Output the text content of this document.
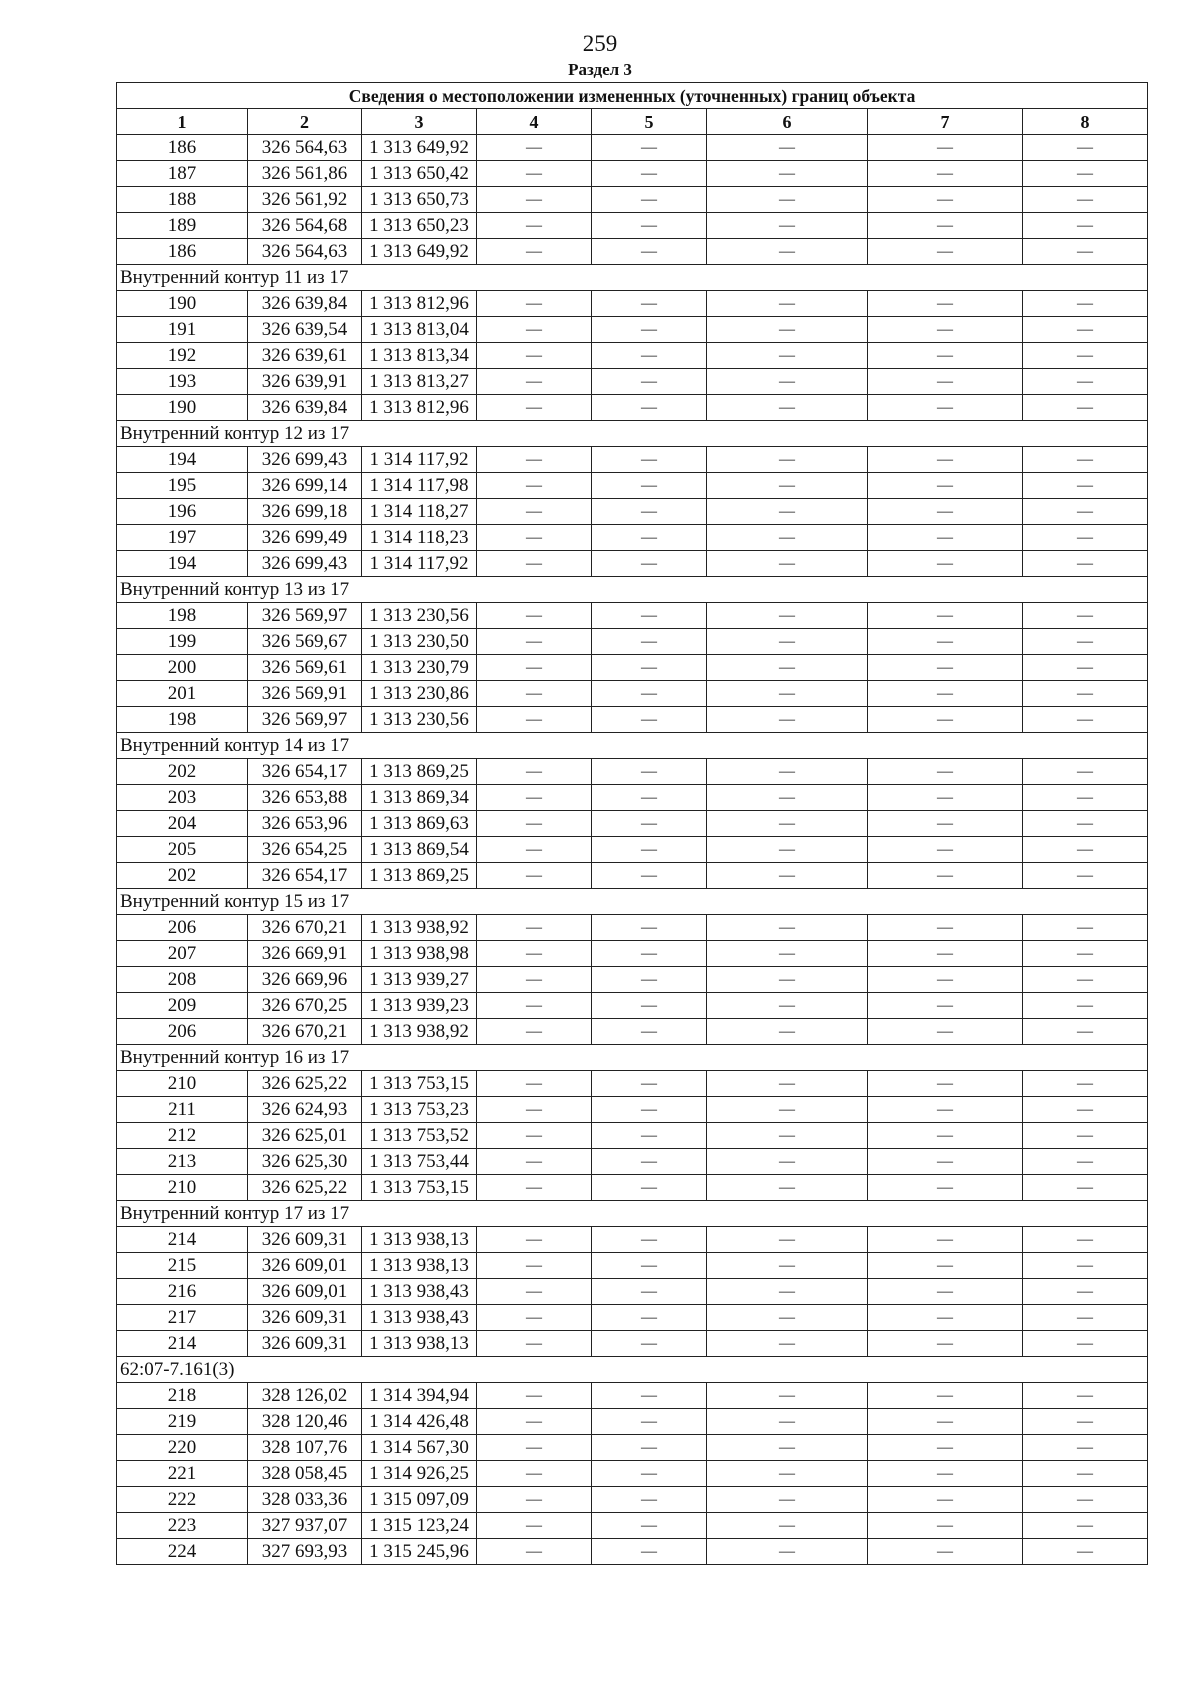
259
Раздел 3
Сведения о местоположении измененных (уточненных) границ объекта							
1	2	3	4	5	6	7	8
186	326 564,63	1 313 649,92	—	—	—	—	—
187	326 561,86	1 313 650,42	—	—	—	—	—
188	326 561,92	1 313 650,73	—	—	—	—	—
189	326 564,68	1 313 650,23	—	—	—	—	—
186	326 564,63	1 313 649,92	—	—	—	—	—
Внутренний контур 11 из 17							
190	326 639,84	1 313 812,96	—	—	—	—	—
191	326 639,54	1 313 813,04	—	—	—	—	—
192	326 639,61	1 313 813,34	—	—	—	—	—
193	326 639,91	1 313 813,27	—	—	—	—	—
190	326 639,84	1 313 812,96	—	—	—	—	—
Внутренний контур 12 из 17							
194	326 699,43	1 314 117,92	—	—	—	—	—
195	326 699,14	1 314 117,98	—	—	—	—	—
196	326 699,18	1 314 118,27	—	—	—	—	—
197	326 699,49	1 314 118,23	—	—	—	—	—
194	326 699,43	1 314 117,92	—	—	—	—	—
Внутренний контур 13 из 17							
198	326 569,97	1 313 230,56	—	—	—	—	—
199	326 569,67	1 313 230,50	—	—	—	—	—
200	326 569,61	1 313 230,79	—	—	—	—	—
201	326 569,91	1 313 230,86	—	—	—	—	—
198	326 569,97	1 313 230,56	—	—	—	—	—
Внутренний контур 14 из 17							
202	326 654,17	1 313 869,25	—	—	—	—	—
203	326 653,88	1 313 869,34	—	—	—	—	—
204	326 653,96	1 313 869,63	—	—	—	—	—
205	326 654,25	1 313 869,54	—	—	—	—	—
202	326 654,17	1 313 869,25	—	—	—	—	—
Внутренний контур 15 из 17							
206	326 670,21	1 313 938,92	—	—	—	—	—
207	326 669,91	1 313 938,98	—	—	—	—	—
208	326 669,96	1 313 939,27	—	—	—	—	—
209	326 670,25	1 313 939,23	—	—	—	—	—
206	326 670,21	1 313 938,92	—	—	—	—	—
Внутренний контур 16 из 17							
210	326 625,22	1 313 753,15	—	—	—	—	—
211	326 624,93	1 313 753,23	—	—	—	—	—
212	326 625,01	1 313 753,52	—	—	—	—	—
213	326 625,30	1 313 753,44	—	—	—	—	—
210	326 625,22	1 313 753,15	—	—	—	—	—
Внутренний контур 17 из 17							
214	326 609,31	1 313 938,13	—	—	—	—	—
215	326 609,01	1 313 938,13	—	—	—	—	—
216	326 609,01	1 313 938,43	—	—	—	—	—
217	326 609,31	1 313 938,43	—	—	—	—	—
214	326 609,31	1 313 938,13	—	—	—	—	—
62:07-7.161(3)							
218	328 126,02	1 314 394,94	—	—	—	—	—
219	328 120,46	1 314 426,48	—	—	—	—	—
220	328 107,76	1 314 567,30	—	—	—	—	—
221	328 058,45	1 314 926,25	—	—	—	—	—
222	328 033,36	1 315 097,09	—	—	—	—	—
223	327 937,07	1 315 123,24	—	—	—	—	—
224	327 693,93	1 315 245,96	—	—	—	—	—
